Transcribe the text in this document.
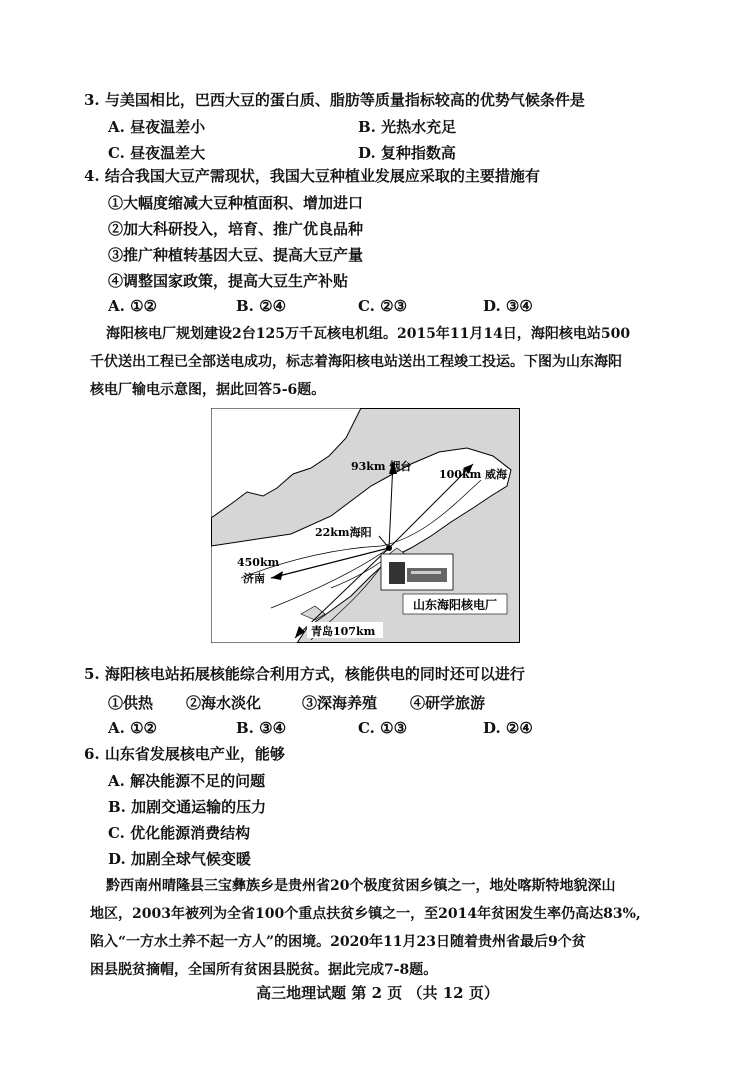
3. 与美国相比，巴西大豆的蛋白质、脂肪等质量指标较高的优势气候条件是
A. 昼夜温差小	B. 光热水充足
C. 昼夜温差大	D. 复种指数高
4. 结合我国大豆产需现状，我国大豆种植业发展应采取的主要措施有
①大幅度缩减大豆种植面积、增加进口
②加大科研投入，培育、推广优良品种
③推广种植转基因大豆、提高大豆产量
④调整国家政策，提高大豆生产补贴
A. ①②	B. ②④	C. ②③	D. ③④
海阳核电厂规划建设2台125万千瓦核电机组。2015年11月14日，海阳核电站500
千伏送出工程已全部送电成功，标志着海阳核电站送出工程竣工投运。下图为山东海阳
核电厂输电示意图，据此回答5-6题。
山东海阳核电厂
93km 烟台
100km 威海
22km海阳
450km
济南
青岛107km
5. 海阳核电站拓展核能综合利用方式，核能供电的同时还可以进行
①供热 ②海水淡化	③深海养殖 ④研学旅游
A. ①②	B. ③④	C. ①③	D. ②④
6. 山东省发展核电产业，能够
A. 解决能源不足的问题
B. 加剧交通运输的压力
C. 优化能源消费结构
D. 加剧全球气候变暖
黔西南州晴隆县三宝彝族乡是贵州省20个极度贫困乡镇之一，地处喀斯特地貌深山
地区，2003年被列为全省100个重点扶贫乡镇之一，至2014年贫困发生率仍高达83%,
陷入“一方水土养不起一方人”的困境。2020年11月23日随着贵州省最后9个贫
困县脱贫摘帽，全国所有贫困县脱贫。据此完成7-8题。
高三地理试题 第 2 页 （共 12 页）
